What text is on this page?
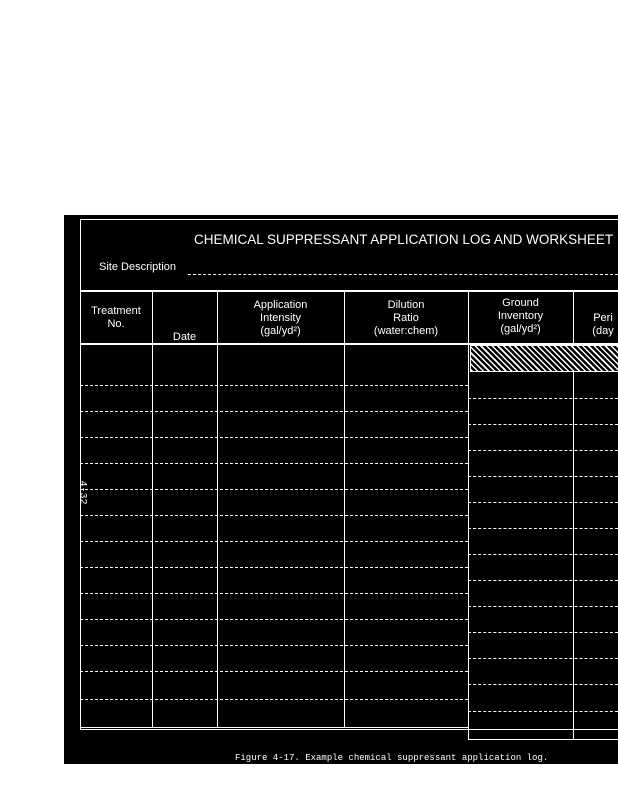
4-32
CHEMICAL SUPPRESSANT APPLICATION LOG AND WORKSHEET
Site Description
Treatment
No.

Date
Application
Intensity
(gal/yd²)
Dilution
Ratio
(water:chem)
Ground
Inventory
(gal/yd²)

Peri
(day
Figure 4-17. Example chemical suppressant application log.
